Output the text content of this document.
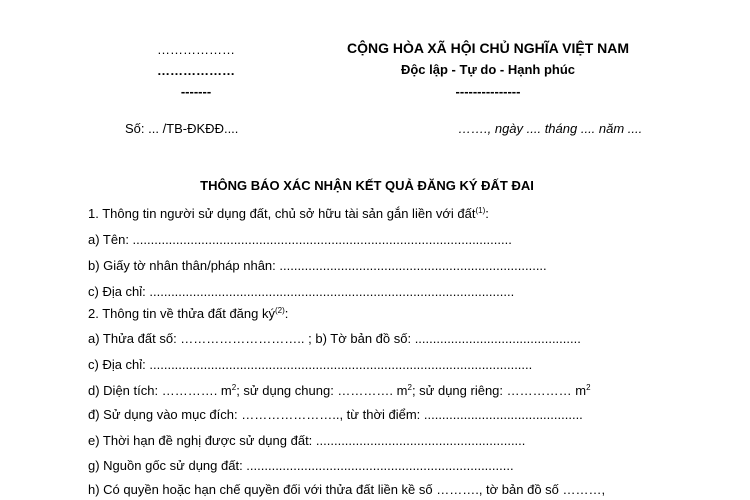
………………
………………
-------
CỘNG HÒA XÃ HỘI CHỦ NGHĨA VIỆT NAM
Độc lập - Tự do - Hạnh phúc
---------------
Số: ... /TB-ĐKĐĐ....	……., ngày .... tháng .... năm ....
THÔNG BÁO XÁC NHẬN KẾT QUẢ ĐĂNG KÝ ĐẤT ĐAI
1. Thông tin người sử dụng đất, chủ sở hữu tài sản gắn liền với đất$^{(1)}$:
a) Tên: .........................................................................................................
b) Giấy tờ nhân thân/pháp nhân: ..........................................................................
c) Địa chỉ: .....................................................................................................
2. Thông tin về thửa đất đăng $ký^{(2)}$:
a) Thửa đất số: ……………………….. ; b) Tờ bản đồ số: ..............................................
c) Địa chỉ: ..........................................................................................................
d) Diện tích: …………. $m^2$; sử dụng chung: …………. $m^2$; sử dụng riêng: …………… $m^2$
đ) Sử dụng vào mục đích: ………………….., từ thời điểm: ............................................
e) Thời hạn đề nghị được sử dụng đất: ..........................................................
g) Nguồn gốc sử dụng đất: ..........................................................................
h) Có quyền hoặc hạn chế quyền đối với thửa đất liền kề số ………., tờ bản đồ số ………,
